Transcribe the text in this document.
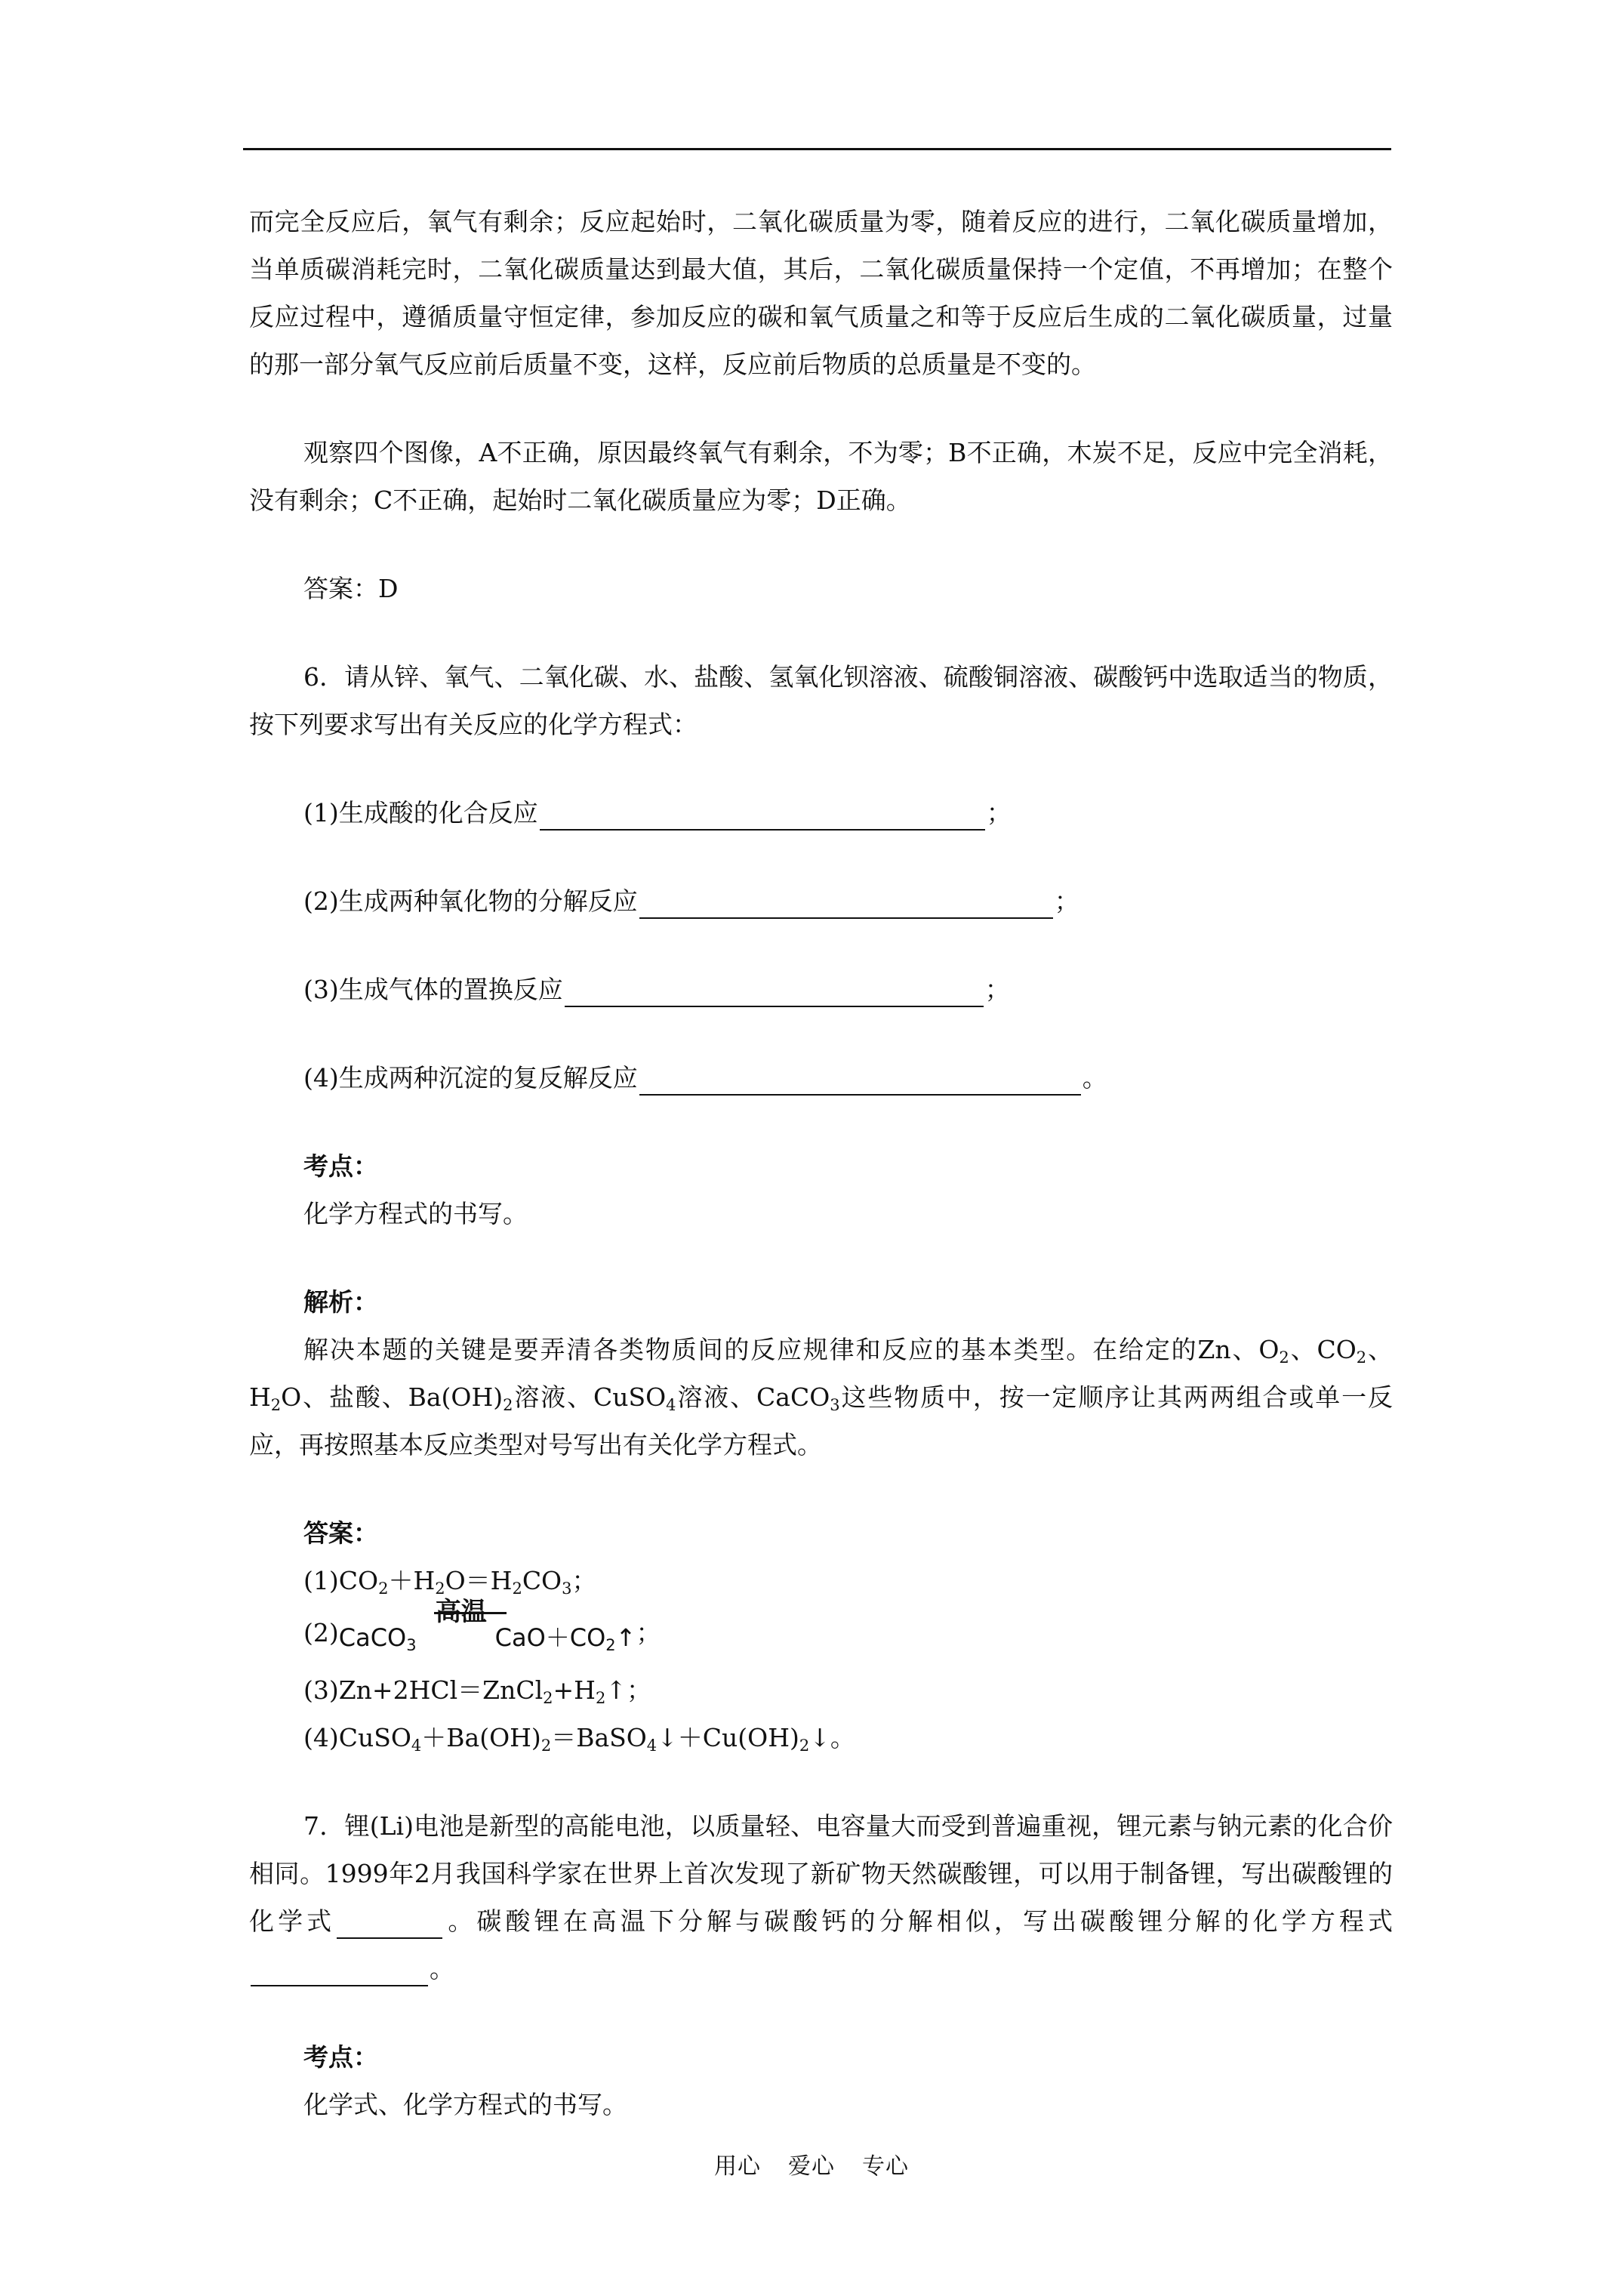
而完全反应后，氧气有剩余；反应起始时，二氧化碳质量为零，随着反应的进行，二氧化碳质量增加，当单质碳消耗完时，二氧化碳质量达到最大值，其后，二氧化碳质量保持一个定值，不再增加；在整个反应过程中，遵循质量守恒定律，参加反应的碳和氧气质量之和等于反应后生成的二氧化碳质量，过量的那一部分氧气反应前后质量不变，这样，反应前后物质的总质量是不变的。

观察四个图像，A不正确，原因最终氧气有剩余，不为零；B不正确，木炭不足，反应中完全消耗，没有剩余；C不正确，起始时二氧化碳质量应为零；D正确。

答案：D

6．请从锌、氧气、二氧化碳、水、盐酸、氢氧化钡溶液、硫酸铜溶液、碳酸钙中选取适当的物质，按下列要求写出有关反应的化学方程式：

(1)生成酸的化合反应	；

(2)生成两种氧化物的分解反应	；

(3)生成气体的置换反应	；

(4)生成两种沉淀的复反解反应	。

考点：

化学方程式的书写。

解析：

解决本题的关键是要弄清各类物质间的反应规律和反应的基本类型。在给定的Zn、$O_2$、$CO_2$、$H_2O$、盐酸、$Ba(OH)_2$溶液、CuSO$_4$溶液、CaCO$_3$这些物质中，按一定顺序让其两两组合或单一反应，再按照基本反应类型对号写出有关化学方程式。

答案：

$(1)CO_2+H_2O=H_2CO_3$；

(2)CaCO$_3$
高温
$CaO+CO_2↑$；

$(3)Zn+2HCl=ZnCl_2+H_2↑$；

$(4)CuSO_4+Ba(OH)_2=BaSO_4↓+Cu(OH)_2↓$。

7．锂(Li)电池是新型的高能电池，以质量轻、电容量大而受到普遍重视，锂元素与钠元素的化合价相同。1999年2月我国科学家在世界上首次发现了新矿物天然碳酸锂，可以用于制备锂，写出碳酸锂的化学式	。碳酸锂在高温下分解与碳酸钙的分解相似，写出碳酸锂分解的化学方程式。

考点：

化学式、化学方程式的书写。

用心 爱心 专心
